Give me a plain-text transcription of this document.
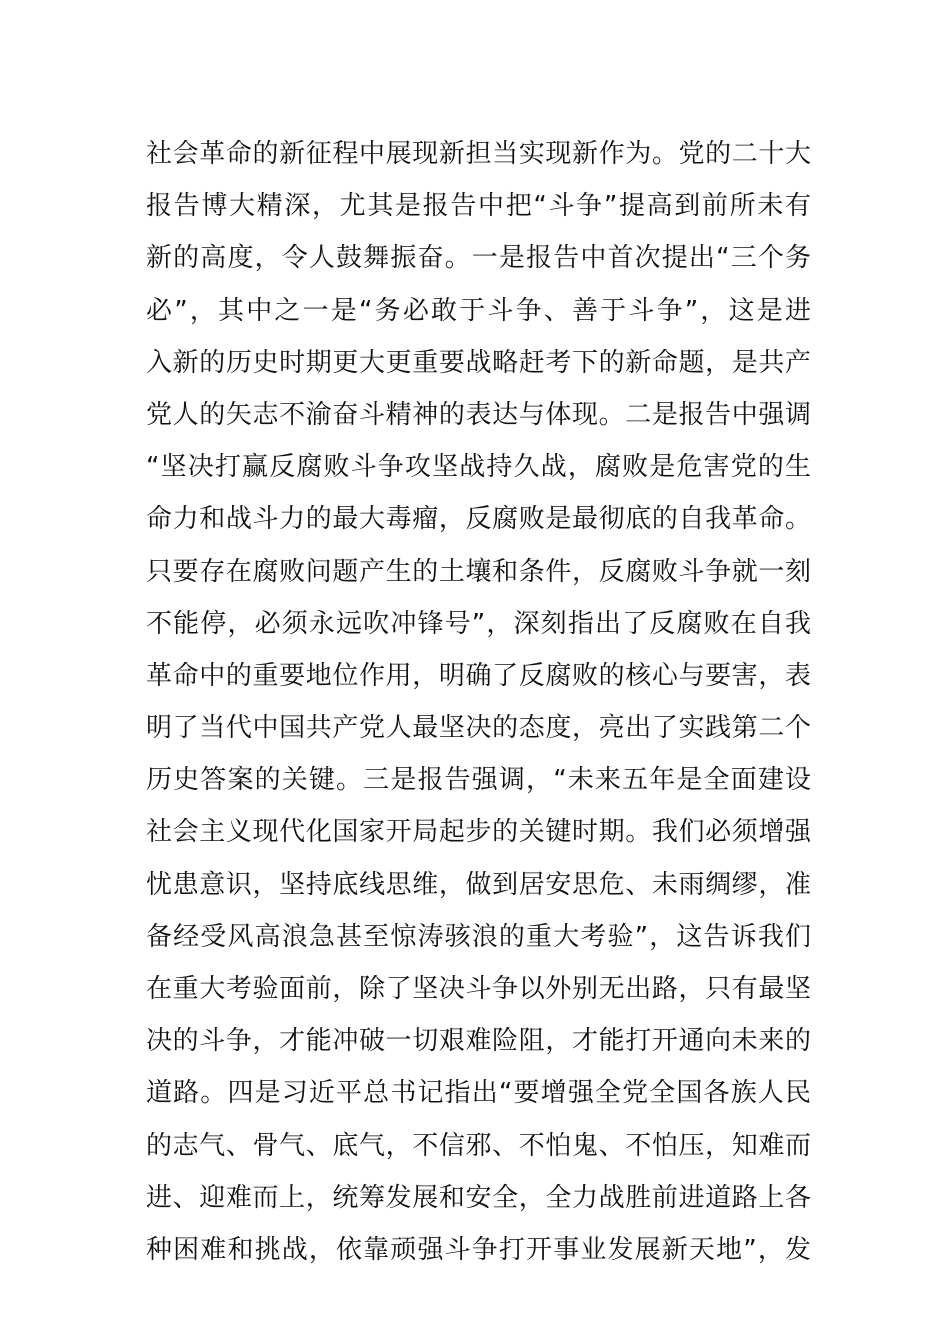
社会革命的新征程中展现新担当实现新作为。党的二十大
报告博大精深，尤其是报告中把“斗争”提高到前所未有
新的高度，令人鼓舞振奋。一是报告中首次提出“三个务
必”，其中之一是“务必敢于斗争、善于斗争”，这是进
入新的历史时期更大更重要战略赶考下的新命题，是共产
党人的矢志不渝奋斗精神的表达与体现。二是报告中强调
“坚决打赢反腐败斗争攻坚战持久战，腐败是危害党的生
命力和战斗力的最大毒瘤，反腐败是最彻底的自我革命。
只要存在腐败问题产生的土壤和条件，反腐败斗争就一刻
不能停，必须永远吹冲锋号”，深刻指出了反腐败在自我
革命中的重要地位作用，明确了反腐败的核心与要害，表
明了当代中国共产党人最坚决的态度，亮出了实践第二个
历史答案的关键。三是报告强调，“未来五年是全面建设
社会主义现代化国家开局起步的关键时期。我们必须增强
忧患意识，坚持底线思维，做到居安思危、未雨绸缪，准
备经受风高浪急甚至惊涛骇浪的重大考验”，这告诉我们
在重大考验面前，除了坚决斗争以外别无出路，只有最坚
决的斗争，才能冲破一切艰难险阻，才能打开通向未来的
道路。四是习近平总书记指出“要增强全党全国各族人民
的志气、骨气、底气，不信邪、不怕鬼、不怕压，知难而
进、迎难而上，统筹发展和安全，全力战胜前进道路上各
种困难和挑战，依靠顽强斗争打开事业发展新天地”，发
